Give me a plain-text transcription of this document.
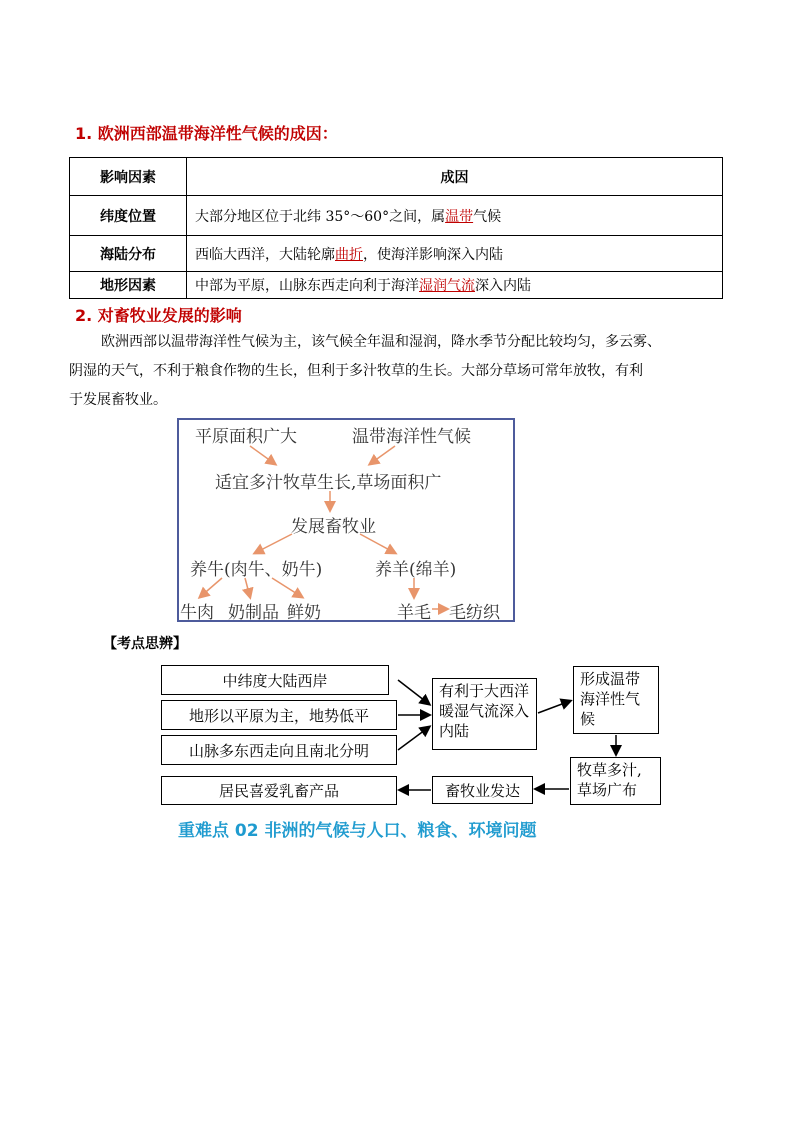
1. 欧洲西部温带海洋性气候的成因：
影响因素	成因
纬度位置	大部分地区位于北纬 35°～60°之间，属温带气候
海陆分布	西临大西洋，大陆轮廓曲折，使海洋影响深入内陆
地形因素	中部为平原，山脉东西走向利于海洋湿润气流深入内陆
2. 对畜牧业发展的影响
欧洲西部以温带海洋性气候为主，该气候全年温和湿润，降水季节分配比较均匀，多云雾、
阴湿的天气，不利于粮食作物的生长，但利于多汁牧草的生长。大部分草场可常年放牧，有利
于发展畜牧业。
平原面积广大	温带海洋性气候
适宜多汁牧草生长,草场面积广
发展畜牧业
养牛(肉牛、奶牛)	养羊(绵羊)
牛肉 奶制品 鲜奶	羊毛 毛纺织
【考点思辨】
中纬度大陆西岸
地形以平原为主，地势低平
山脉多东西走向且南北分明
有利于大西洋暖湿气流深入内陆
形成温带海洋性气候
牧草多汁,草场广布
畜牧业发达
居民喜爱乳畜产品
重难点 02 非洲的气候与人口、粮食、环境问题
